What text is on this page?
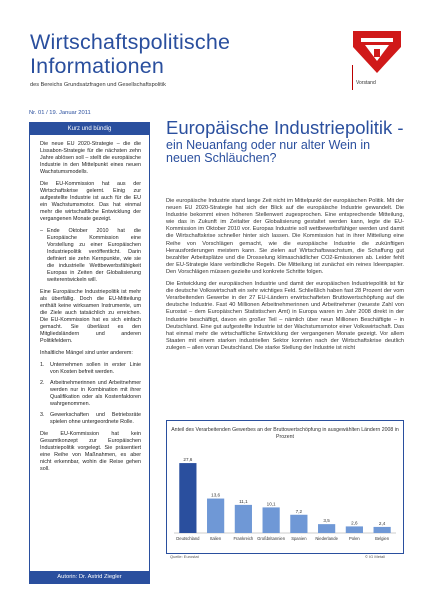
Wirtschaftspolitische
Informationen
des Bereichs Grundsatzfragen und Gesellschaftspolitik	Vorstand
Nr. 01 / 19. Januar 2011
Kurz und bündig

Die neue EU 2020-Strategie – die die Lissabon-Strategie für die nächsten zehn Jahre ablösen soll – stellt die europäische Industrie in den Mittelpunkt eines neuen Wachstumsmodells.

Die EU-Kommission hat aus der Wirtschaftskrise gelernt. Einig zur aufgestellte Industrie ist auch für die EU ein Wachstumsmotor. Das hat einmal mehr die wirtschaftliche Entwicklung der vergangenen Monate gezeigt.

– Ende Oktober 2010 hat die Europäische Kommission eine Vorstellung zu einer Europäischen Industriepolitik veröffentlicht. Darin definiert sie zehn Kernpunkte, wie sie die industrielle Wettbewerbsfähigkeit Europas in Zeiten der Globalisierung weiterentwickeln will.

Eine Europäische Industriepolitik ist mehr als überfällig. Doch die EU-Mitteilung enthält keine wirksamen Instrumente, um die Ziele auch tatsächlich zu erreichen. Die EU-Kommission hat es sich einfach gemacht. Sie überlässt es den Mitgliedsländern und anderen Politikfeldern.

Inhaltliche Mängel sind unter anderem:

1. Unternehmen sollen in erster Linie von Kosten befreit werden.
2. Arbeitnehmerinnen und Arbeitnehmer werden nur in Kombination mit ihrer Qualifikation oder als Kostenfaktoren wahrgenommen.
3. Gewerkschaften und Betriebsräte spielen ohne untergeordnete Rolle.

Die EU-Kommission hat kein Gesamtkonzept zur Europäischen Industriepolitik vorgelegt. Sie präsentiert eine Reihe von Maßnahmen, es aber nicht erkennbar, wohin die Reise gehen soll.

Autorin: Dr. Astrid Ziegler
Europäische Industriepolitik -
ein Neuanfang oder nur alter Wein in neuen Schläuchen?

Die europäische Industrie stand lange Zeit nicht im Mittelpunkt der europäischen Politik. Mit der neuen EU 2020-Strategie hat sich der Blick auf die europäische Industrie gewandelt. Die Industrie bekommt einen höheren Stellenwert zugesprochen. Eine entsprechende Mitteilung, wie das in Zukunft im Zeitalter der Globalisierung gestaltet werden kann, legte die EU-Kommission im Oktober 2010 vor. Europas Industrie soll wettbewerbsfähiger werden und damit die Wirtschaftskrise schneller hinter sich lassen. Die Kommission hat in ihrer Mitteilung eine Reihe von Vorschlägen gemacht, wie die europäische Industrie die zukünftigen Herausforderungen meistern kann. Sie zielen auf Wirtschaftswachstum, die Schaffung gut bezahlter Arbeitsplätze und die Drosselung klimaschädlicher CO2-Emissionen ab. Leider fehlt der EU-Strategie klare verbindliche Regeln. Die Mitteilung ist zunächst ein reines Ideenpapier. Den Vorschlägen müssen gezielte und konkrete Schritte folgen.

Die Entwicklung der europäischen Industrie und damit der europäischen Industriepolitik ist für die deutsche Volkswirtschaft ein sehr wichtiges Feld. Schließlich haben fast 28 Prozent der vom Verarbeitenden Gewerbe in der 27 EU-Ländern erwirtschafteten Bruttowertschöpfung auf die deutsche Industrie. Fast 40 Millionen Arbeitnehmerinnen und Arbeitnehmer (neueste Zahl von Eurostat – dem Europäischen Statistischen Amt) in Europa waren im Jahr 2008 direkt in der Industrie beschäftigt, davon ein großer Teil – nämlich über neun Millionen Beschäftigte – in Deutschland. Eine gut aufgestellte Industrie ist der Wachstumsmotor einer Volkswirtschaft. Das hat einmal mehr die wirtschaftliche Entwicklung der vergangenen Monate gezeigt. Vor allem Staaten mit einem starken industriellen Sektor konnten nach der Wirtschaftskrise deutlich zulegen – allen voran Deutschland. Die starke Stellung der Industrie ist nicht

Anteil des Verarbeitenden Gewerbes an der Bruttowertschöpfung in ausgewählten Ländern 2008 in Prozent
27,6
Deutschland
13,6
Italien
11,1
Frankreich
10,1
Großbritannien
7,2
Spanien
3,5
Niederlande
2,6
Polen
2,4
Belgien
Quelle: Eurostat	© IG Metall
